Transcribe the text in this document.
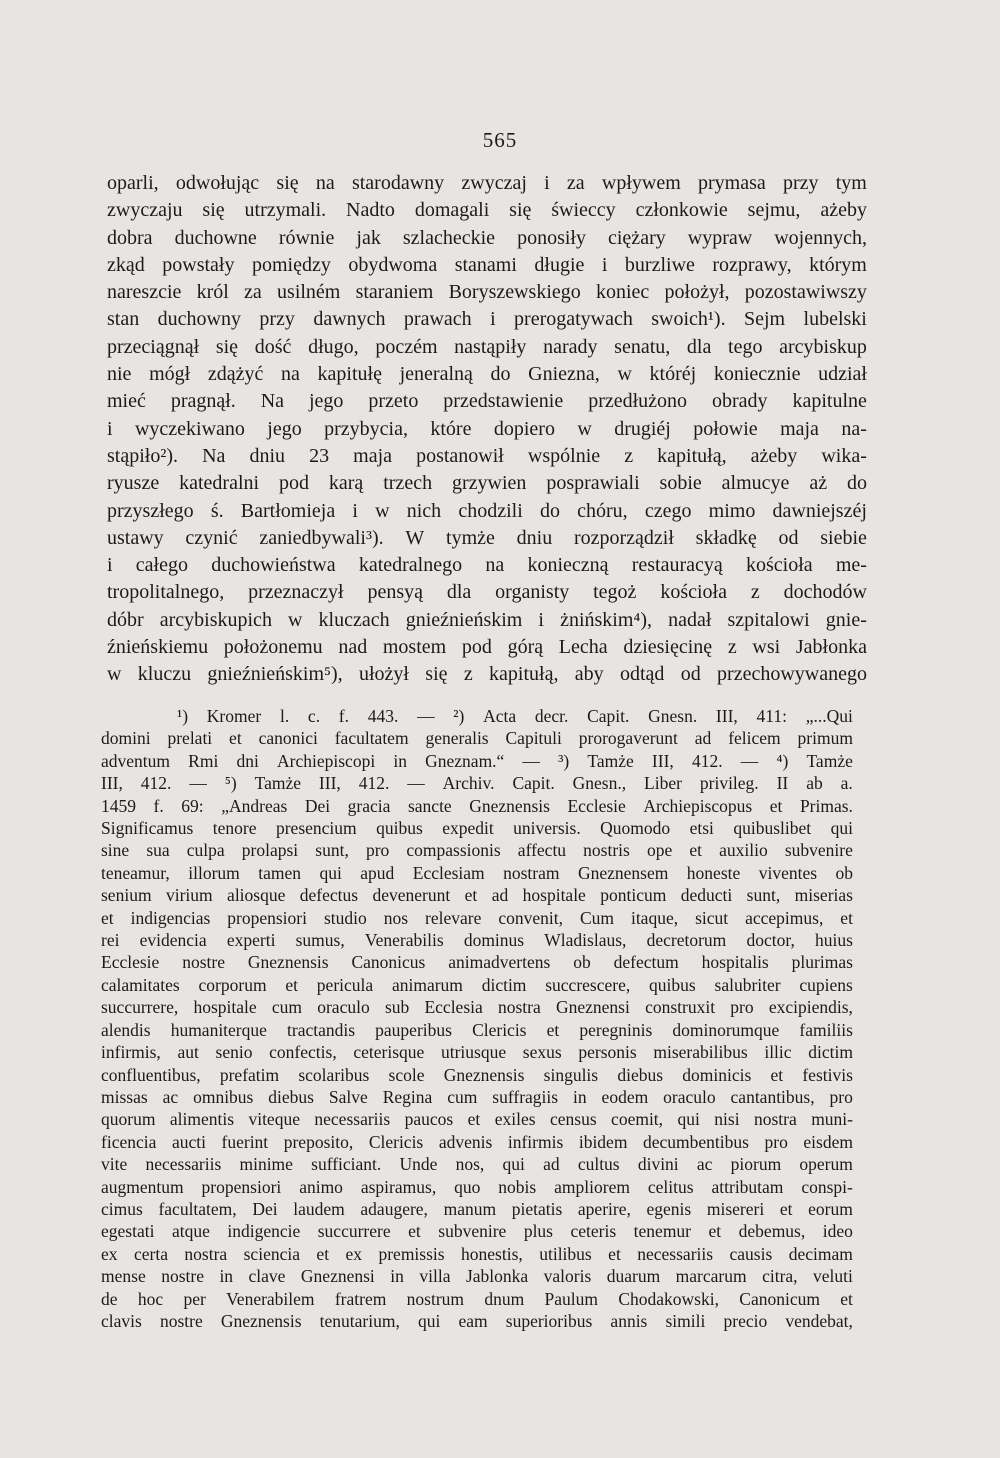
565
oparli, odwołując się na starodawny zwyczaj i za wpływem prymasa przy tym
zwyczaju się utrzymali. Nadto domagali się świeccy członkowie sejmu, ażeby
dobra duchowne równie jak szlacheckie ponosiły ciężary wypraw wojennych,
zkąd powstały pomiędzy obydwoma stanami długie i burzliwe rozprawy, którym
nareszcie król za usilném staraniem Boryszewskiego koniec położył, pozostawiwszy
stan duchowny przy dawnych prawach i prerogatywach swoich¹). Sejm lubelski
przeciągnął się dość długo, poczém nastąpiły narady senatu, dla tego arcybiskup
nie mógł zdążyć na kapitułę jeneralną do Gniezna, w któréj koniecznie udział
mieć pragnął. Na jego przeto przedstawienie przedłużono obrady kapitulne
i wyczekiwano jego przybycia, które dopiero w drugiéj połowie maja na-
stąpiło²). Na dniu 23 maja postanowił wspólnie z kapitułą, ażeby wika-
ryusze katedralni pod karą trzech grzywien posprawiali sobie almucye aż do
przyszłego ś. Bartłomieja i w nich chodzili do chóru, czego mimo dawniejszéj
ustawy czynić zaniedbywali³). W tymże dniu rozporządził składkę od siebie
i całego duchowieństwa katedralnego na konieczną restauracyą kościoła me-
tropolitalnego, przeznaczył pensyą dla organisty tegoż kościoła z dochodów
dóbr arcybiskupich w kluczach gnieźnieńskim i żnińskim⁴), nadał szpitalowi gnie-
źnieńskiemu położonemu nad mostem pod górą Lecha dziesięcinę z wsi Jabłonka
w kluczu gnieźnieńskim⁵), ułożył się z kapitułą, aby odtąd od przechowywanego
¹) Kromer l. c. f. 443. — ²) Acta decr. Capit. Gnesn. III, 411: „...Qui
domini prelati et canonici facultatem generalis Capituli prorogaverunt ad felicem primum
adventum Rmi dni Archiepiscopi in Gneznam.“ — ³) Tamże III, 412. — ⁴) Tamże
III, 412. — ⁵) Tamże III, 412. — Archiv. Capit. Gnesn., Liber privileg. II ab a.
1459 f. 69: „Andreas Dei gracia sancte Gneznensis Ecclesie Archiepiscopus et Primas.
Significamus tenore presencium quibus expedit universis. Quomodo etsi quibuslibet qui
sine sua culpa prolapsi sunt, pro compassionis affectu nostris ope et auxilio subvenire
teneamur, illorum tamen qui apud Ecclesiam nostram Gneznensem honeste viventes ob
senium virium aliosque defectus devenerunt et ad hospitale ponticum deducti sunt, miserias
et indigencias propensiori studio nos relevare convenit, Cum itaque, sicut accepimus, et
rei evidencia experti sumus, Venerabilis dominus Wladislaus, decretorum doctor, huius
Ecclesie nostre Gneznensis Canonicus animadvertens ob defectum hospitalis plurimas
calamitates corporum et pericula animarum dictim succrescere, quibus salubriter cupiens
succurrere, hospitale cum oraculo sub Ecclesia nostra Gneznensi construxit pro excipiendis,
alendis humaniterque tractandis pauperibus Clericis et peregninis dominorumque familiis
infirmis, aut senio confectis, ceterisque utriusque sexus personis miserabilibus illic dictim
confluentibus, prefatim scolaribus scole Gneznensis singulis diebus dominicis et festivis
missas ac omnibus diebus Salve Regina cum suffragiis in eodem oraculo cantantibus, pro
quorum alimentis viteque necessariis paucos et exiles census coemit, qui nisi nostra muni-
ficencia aucti fuerint preposito, Clericis advenis infirmis ibidem decumbentibus pro eisdem
vite necessariis minime sufficiant. Unde nos, qui ad cultus divini ac piorum operum
augmentum propensiori animo aspiramus, quo nobis ampliorem celitus attributam conspi-
cimus facultatem, Dei laudem adaugere, manum pietatis aperire, egenis misereri et eorum
egestati atque indigencie succurrere et subvenire plus ceteris tenemur et debemus, ideo
ex certa nostra sciencia et ex premissis honestis, utilibus et necessariis causis decimam
mense nostre in clave Gneznensi in villa Jablonka valoris duarum marcarum citra, veluti
de hoc per Venerabilem fratrem nostrum dnum Paulum Chodakowski, Canonicum et
clavis nostre Gneznensis tenutarium, qui eam superioribus annis simili precio vendebat,
